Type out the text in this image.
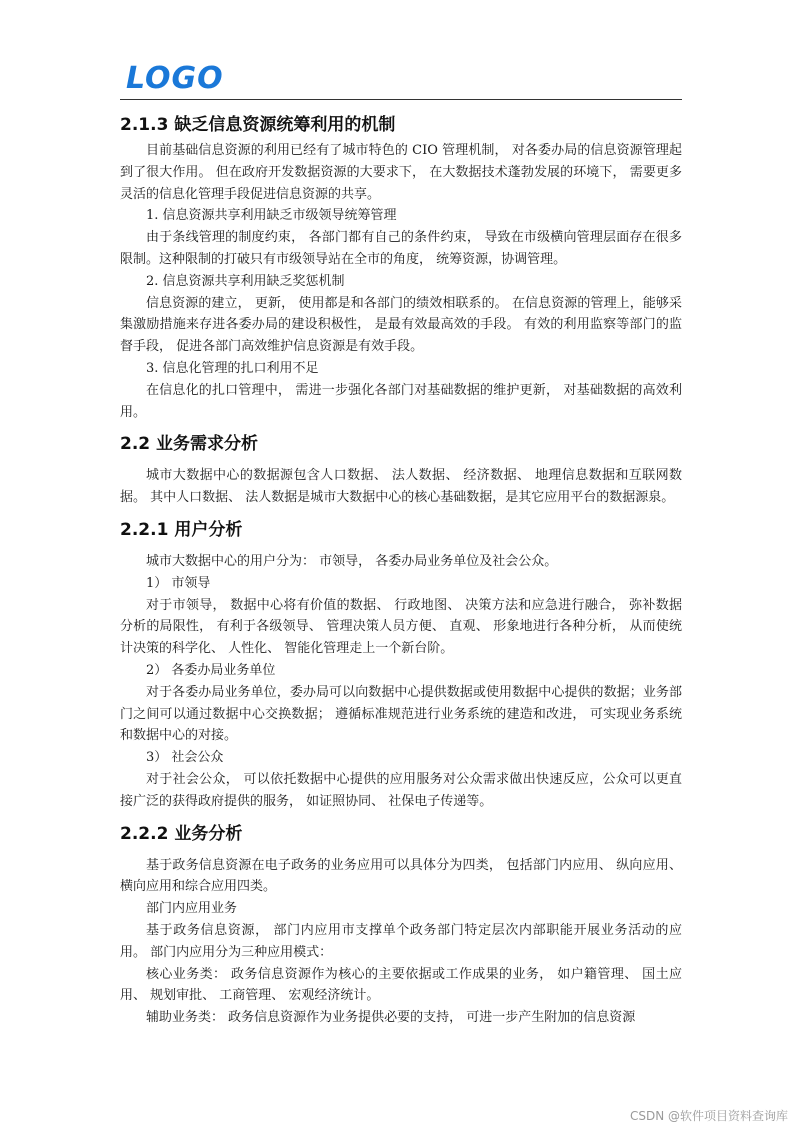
LOGO
2.1.3 缺乏信息资源统筹利用的机制

目前基础信息资源的利用已经有了城市特色的 CIO 管理机制， 对各委办局的信息资源管理起到了很大作用。 但在政府开发数据资源的大要求下， 在大数据技术蓬勃发展的环境下， 需要更多灵活的信息化管理手段促进信息资源的共享。

1. 信息资源共享利用缺乏市级领导统筹管理

由于条线管理的制度约束， 各部门都有自己的条件约束， 导致在市级横向管理层面存在很多限制。这种限制的打破只有市级领导站在全市的角度， 统筹资源，协调管理。

2. 信息资源共享利用缺乏奖惩机制

信息资源的建立， 更新， 使用都是和各部门的绩效相联系的。 在信息资源的管理上，能够采集激励措施来存进各委办局的建设积极性， 是最有效最高效的手段。 有效的利用监察等部门的监督手段， 促进各部门高效维护信息资源是有效手段。

3. 信息化管理的扎口利用不足

在信息化的扎口管理中， 需进一步强化各部门对基础数据的维护更新， 对基础数据的高效利用。

2.2 业务需求分析

城市大数据中心的数据源包含人口数据、 法人数据、 经济数据、 地理信息数据和互联网数据。 其中人口数据、 法人数据是城市大数据中心的核心基础数据，是其它应用平台的数据源泉。

2.2.1 用户分析

城市大数据中心的用户分为： 市领导， 各委办局业务单位及社会公众。

1） 市领导

对于市领导， 数据中心将有价值的数据、 行政地图、 决策方法和应急进行融合， 弥补数据分析的局限性， 有利于各级领导、 管理决策人员方便、 直观、 形象地进行各种分析， 从而使统计决策的科学化、 人性化、 智能化管理走上一个新台阶。

2） 各委办局业务单位

对于各委办局业务单位，委办局可以向数据中心提供数据或使用数据中心提供的数据；业务部门之间可以通过数据中心交换数据； 遵循标准规范进行业务系统的建造和改进， 可实现业务系统和数据中心的对接。

3） 社会公众

对于社会公众， 可以依托数据中心提供的应用服务对公众需求做出快速反应，公众可以更直接广泛的获得政府提供的服务， 如证照协同、 社保电子传递等。

2.2.2 业务分析

基于政务信息资源在电子政务的业务应用可以具体分为四类， 包括部门内应用、 纵向应用、 横向应用和综合应用四类。

部门内应用业务

基于政务信息资源， 部门内应用市支撑单个政务部门特定层次内部职能开展业务活动的应用。 部门内应用分为三种应用模式：

核心业务类： 政务信息资源作为核心的主要依据或工作成果的业务， 如户籍管理、 国土应用、 规划审批、 工商管理、 宏观经济统计。

辅助业务类： 政务信息资源作为业务提供必要的支持， 可进一步产生附加的信息资源

CSDN @软件项目资料查询库
